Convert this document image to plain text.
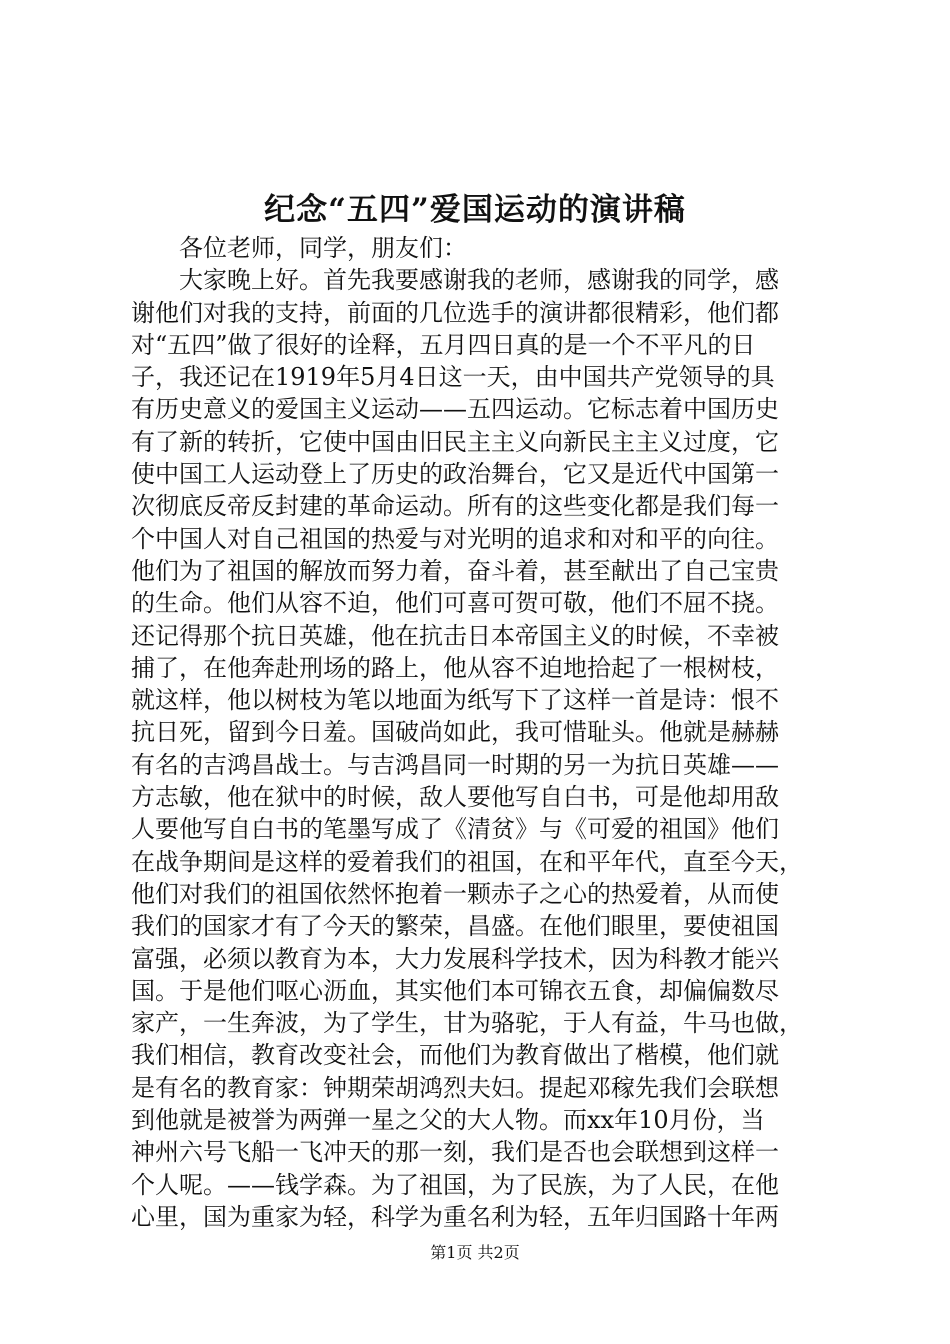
纪念“五四”爱国运动的演讲稿
各位老师，同学，朋友们：
大家晚上好。首先我要感谢我的老师，感谢我的同学，感
谢他们对我的支持，前面的几位选手的演讲都很精彩，他们都
对“五四”做了很好的诠释，五月四日真的是一个不平凡的日
子，我还记在1919年5月4日这一天，由中国共产党领导的具
有历史意义的爱国主义运动——五四运动。它标志着中国历史
有了新的转折，它使中国由旧民主主义向新民主主义过度，它
使中国工人运动登上了历史的政治舞台，它又是近代中国第一
次彻底反帝反封建的革命运动。所有的这些变化都是我们每一
个中国人对自己祖国的热爱与对光明的追求和对和平的向往。
他们为了祖国的解放而努力着，奋斗着，甚至献出了自己宝贵
的生命。他们从容不迫，他们可喜可贺可敬，他们不屈不挠。
还记得那个抗日英雄，他在抗击日本帝国主义的时候，不幸被
捕了，在他奔赴刑场的路上，他从容不迫地拾起了一根树枝，
就这样，他以树枝为笔以地面为纸写下了这样一首是诗：恨不
抗日死，留到今日羞。国破尚如此，我可惜耻头。他就是赫赫
有名的吉鸿昌战士。与吉鸿昌同一时期的另一为抗日英雄——
方志敏，他在狱中的时候，敌人要他写自白书，可是他却用敌
人要他写自白书的笔墨写成了《清贫》与《可爱的祖国》他们
在战争期间是这样的爱着我们的祖国，在和平年代，直至今天，
他们对我们的祖国依然怀抱着一颗赤子之心的热爱着，从而使
我们的国家才有了今天的繁荣，昌盛。在他们眼里，要使祖国
富强，必须以教育为本，大力发展科学技术，因为科教才能兴
国。于是他们呕心沥血，其实他们本可锦衣五食，却偏偏数尽
家产，一生奔波，为了学生，甘为骆驼，于人有益，牛马也做，
我们相信，教育改变社会，而他们为教育做出了楷模，他们就
是有名的教育家：钟期荣胡鸿烈夫妇。提起邓稼先我们会联想
到他就是被誉为两弹一星之父的大人物。而xx年10月份，当
神州六号飞船一飞冲天的那一刻，我们是否也会联想到这样一
个人呢。——钱学森。为了祖国，为了民族，为了人民，在他
心里，国为重家为轻，科学为重名利为轻，五年归国路十年两
第1页 共2页
